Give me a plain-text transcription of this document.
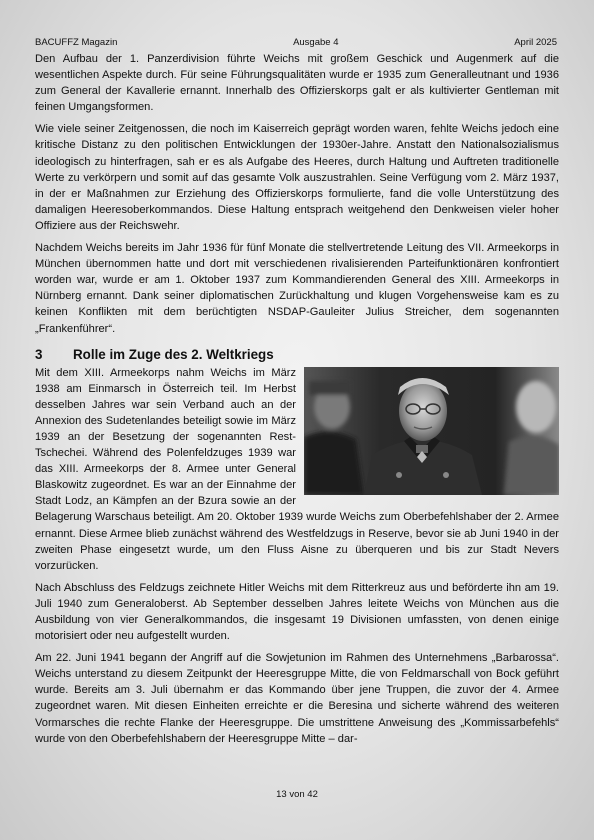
BACUFFZ Magazin	Ausgabe 4	April 2025

Den Aufbau der 1. Panzerdivision führte Weichs mit großem Geschick und Augenmerk auf die wesentlichen Aspekte durch. Für seine Führungsqualitäten wurde er 1935 zum Generalleutnant und 1936 zum General der Kavallerie ernannt. Innerhalb des Offizierskorps galt er als kultivierter Gentleman mit feinen Umgangsformen.

Wie viele seiner Zeitgenossen, die noch im Kaiserreich geprägt worden waren, fehlte Weichs jedoch eine kritische Distanz zu den politischen Entwicklungen der 1930er-Jahre. Anstatt den Nationalsozialismus ideologisch zu hinterfragen, sah er es als Aufgabe des Heeres, durch Haltung und Auftreten traditionelle Werte zu verkörpern und somit auf das gesamte Volk auszustrahlen. Seine Verfügung vom 2. März 1937, in der er Maßnahmen zur Erziehung des Offizierskorps formulierte, fand die volle Unterstützung des damaligen Heeresoberkommandos. Diese Haltung entsprach weitgehend den Denkweisen vieler hoher Offiziere aus der Reichswehr.

Nachdem Weichs bereits im Jahr 1936 für fünf Monate die stellvertretende Leitung des VII. Armeekorps in München übernommen hatte und dort mit verschiedenen rivalisierenden Parteifunktionären konfrontiert worden war, wurde er am 1. Oktober 1937 zum Kommandierenden General des XIII. Armeekorps in Nürnberg ernannt. Dank seiner diplomatischen Zurückhaltung und klugen Vorgehensweise kam es zu keinen Konflikten mit dem berüchtigten NSDAP-Gauleiter Julius Streicher, dem sogenannten „Frankenführer“.

3	Rolle im Zuge des 2. Weltkriegs

Mit dem XIII. Armeekorps nahm Weichs im März 1938 am Einmarsch in Österreich teil. Im Herbst desselben Jahres war sein Verband auch an der Annexion des Sudetenlandes beteiligt sowie im März 1939 an der Besetzung der sogenannten Rest-Tschechei. Während des Polenfeldzuges 1939 war das XIII. Armeekorps der 8. Armee unter General Blaskowitz zugeordnet. Es war an der Einnahme der Stadt Lodz, an Kämpfen an der Bzura sowie an der Belagerung Warschaus beteiligt. Am 20. Oktober 1939 wurde Weichs zum Oberbefehlshaber der 2. Armee ernannt. Diese Armee blieb zunächst während des Westfeldzugs in Reserve, bevor sie ab Juni 1940 in der zweiten Phase eingesetzt wurde, um den Fluss Aisne zu überqueren und bis zur Stadt Nevers vorzurücken.

Nach Abschluss des Feldzugs zeichnete Hitler Weichs mit dem Ritterkreuz aus und beförderte ihn am 19. Juli 1940 zum Generaloberst. Ab September desselben Jahres leitete Weichs von München aus die Ausbildung von vier Generalkommandos, die insgesamt 19 Divisionen umfassten, von denen einige motorisiert oder neu aufgestellt wurden.

Am 22. Juni 1941 begann der Angriff auf die Sowjetunion im Rahmen des Unternehmens „Barbarossa“. Weichs unterstand zu diesem Zeitpunkt der Heeresgruppe Mitte, die von Feldmarschall von Bock geführt wurde. Bereits am 3. Juli übernahm er das Kommando über jene Truppen, die zuvor der 4. Armee zugeordnet waren. Mit diesen Einheiten erreichte er die Beresina und sicherte während des weiteren Vormarsches die rechte Flanke der Heeresgruppe. Die umstrittene Anweisung des „Kommissarbefehls“ wurde von den Oberbefehlshabern der Heeresgruppe Mitte – dar-

13 von 42
